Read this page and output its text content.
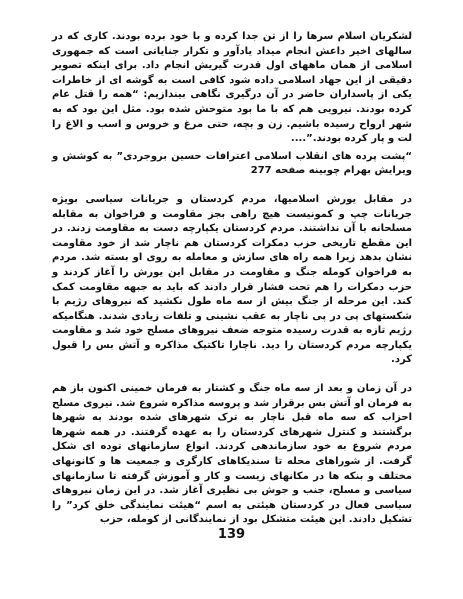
لشکریان اسلام سرها را از تن جدا کرده و با خود برده بودند. کاری که در سالهای اخیر داعش انجام میداد یادآور و تکرار جنایاتی است که جمهوری اسلامی از همان ماههای اول قدرت گیریش انجام داد. برای اینکه تصویر دقیقی از این جهاد اسلامی داده شود کافی است به گوشه ای از خاطرات یکی از پاسداران حاضر در آن درگیری نگاهی بیندازیم: “همه را قتل عام کرده بودند. نیرویی هم که با ما بود متوحش شده بود. مثل این بود که به شهر ارواح رسیده باشیم. زن و بچه، حتی مرغ و خروس و اسب و الاغ را لت و پار کرده بودند.”....

“پشت پرده های انقلاب اسلامی اعترافات حسین بروجردی” به کوشش و ویرایش بهرام چوبینه صفحه 277

در مقابل یورش اسلامیها، مردم کردستان و جریانات سیاسی بویژه جریانات چپ و کمونیست هیچ راهی بجز مقاومت و فراخوان به مقابله مسلحانه با آن نداشتند. مردم کردستان یکپارچه دست به مقاومت زدند. در این مقطع تاریخی حزب دمکرات کردستان هم ناچار شد از خود مقاومت نشان بدهد زیرا همه راه های سازش و معامله به روی او بسته شد. مردم به فراخوان کومله جنگ و مقاومت در مقابل این یورش را آغاز کردند و حزب دمکرات را هم تحت فشار قرار دادند که باید به جبهه مقاومت کمک کند. این مرحله از جنگ بیش از سه ماه طول نکشید که نیروهای رژیم با شکستهای پی در پی ناچار به عقب نشینی و تلفات زیادی شدند. هنگامیکه رژیم تازه به قدرت رسیده متوجه ضعف نیروهای مسلح خود شد و مقاومت یکپارچه مردم کردستان را دید. ناچارا تاکتیک مذاکره و آتش بس را قبول کرد.

در آن زمان و بعد از سه ماه جنگ و کشتار به فرمان خمینی اکنون باز هم به فرمان او آتش بس برقرار شد و پروسه مذاکره شروع شد. نیروی مسلح احزاب که سه ماه قبل ناچار به ترک شهرهای شده بودند به شهرها برگشتند و کنترل شهرهای کردستان را به عهده گرفتند. در همه شهرها مردم شروع به خود سازماندهی کردند. انواع سازمانهای توده ای شکل گرفت. از شوراهای محله تا سندیکاهای کارگری و جمعیت ها و کانونهای مختلف و بنکه ها در مکانهای زیست و کار و آموزش گرفته تا سازمانهای سیاسی و مسلح، جنب و جوش بی نظیری آغاز شد. در این زمان نیروهای سیاسی فعال در کردستان هیئتی به اسم “هیئت نمایندگی خلق کرد” را تشکیل دادند. این هیئت متشکل بود از نمایندگانی از کومله، حزب

139
